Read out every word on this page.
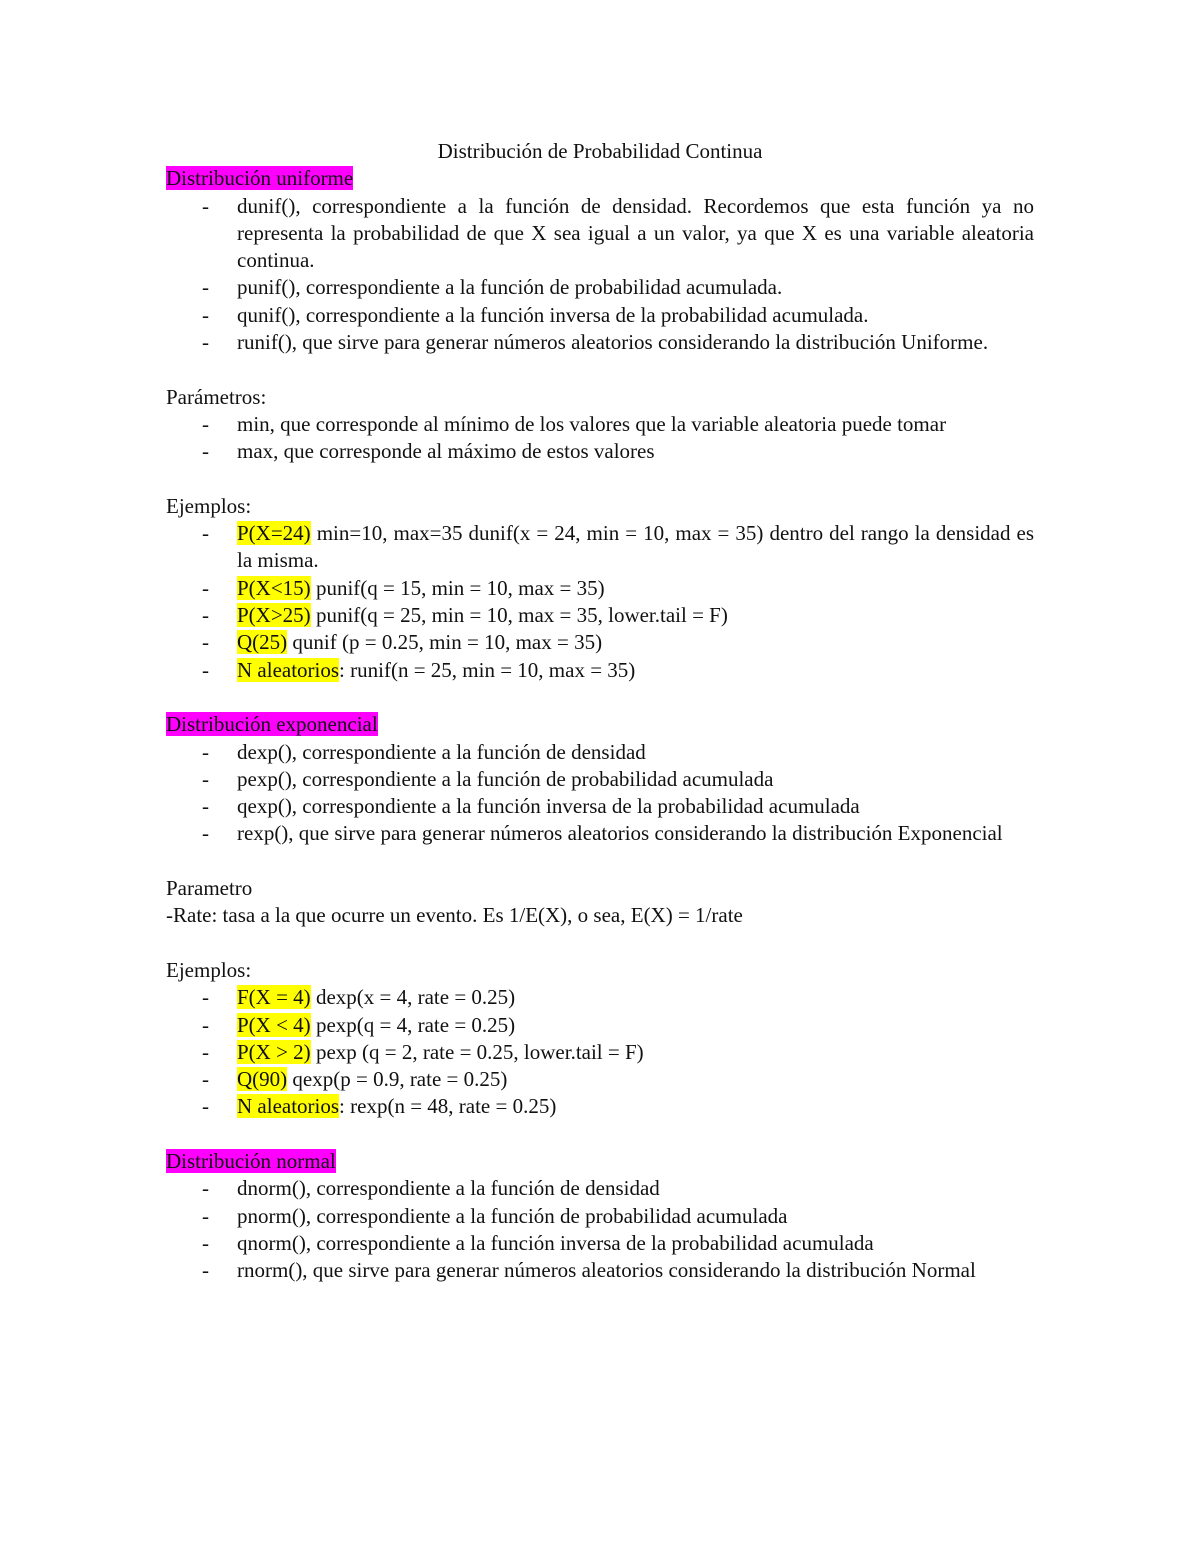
Distribución de Probabilidad Continua
Distribución uniforme
- dunif(), correspondiente a la función de densidad. Recordemos que esta función ya no representa la probabilidad de que X sea igual a un valor, ya que X es una variable aleatoria continua.
- punif(), correspondiente a la función de probabilidad acumulada.
- qunif(), correspondiente a la función inversa de la probabilidad acumulada.
- runif(), que sirve para generar números aleatorios considerando la distribución Uniforme.
Parámetros:
- min, que corresponde al mínimo de los valores que la variable aleatoria puede tomar
- max, que corresponde al máximo de estos valores
Ejemplos:
- P(X=24) min=10, max=35 dunif(x = 24, min = 10, max = 35) dentro del rango la densidad es la misma.
- P(X<15) punif(q = 15, min = 10, max = 35)
- P(X>25) punif(q = 25, min = 10, max = 35, lower.tail = F)
- Q(25) qunif (p = 0.25, min = 10, max = 35)
- N aleatorios: runif(n = 25, min = 10, max = 35)
Distribución exponencial
- dexp(), correspondiente a la función de densidad
- pexp(), correspondiente a la función de probabilidad acumulada
- qexp(), correspondiente a la función inversa de la probabilidad acumulada
- rexp(), que sirve para generar números aleatorios considerando la distribución Exponencial
Parametro
-Rate: tasa a la que ocurre un evento. Es 1/E(X), o sea, E(X) = 1/rate
Ejemplos:
- F(X = 4) dexp(x = 4, rate = 0.25)
- P(X < 4) pexp(q = 4, rate = 0.25)
- P(X > 2) pexp (q = 2, rate = 0.25, lower.tail = F)
- Q(90) qexp(p = 0.9, rate = 0.25)
- N aleatorios: rexp(n = 48, rate = 0.25)
Distribución normal
- dnorm(), correspondiente a la función de densidad
- pnorm(), correspondiente a la función de probabilidad acumulada
- qnorm(), correspondiente a la función inversa de la probabilidad acumulada
- rnorm(), que sirve para generar números aleatorios considerando la distribución Normal
